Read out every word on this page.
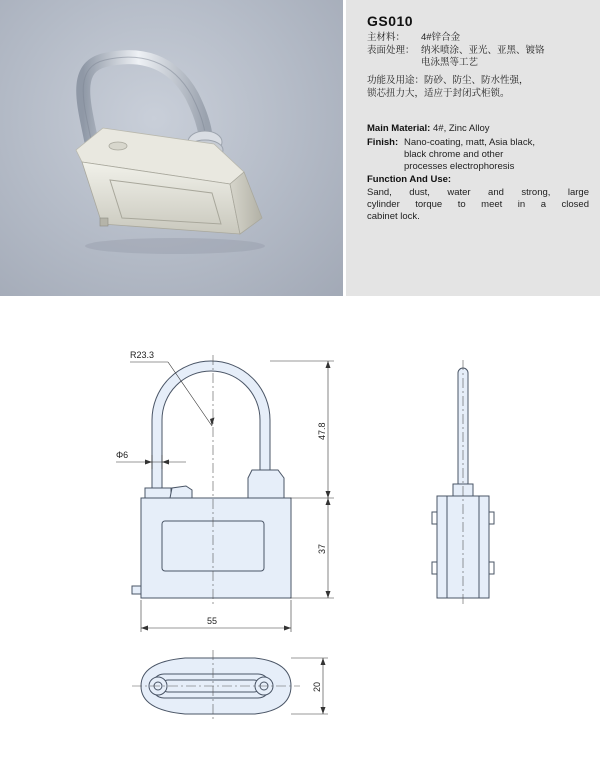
GS010
主材料： 4#锌合金
表面处理： 纳米喷涂、亚光、亚黑、镀铬
电泳黑等工艺
功能及用途：防砂、防尘、防水性强，
锁芯扭力大，适应于封闭式柜锁。
Main Material: 4#, Zinc Alloy
Finish: Nano-coating, matt, Asia black,
black chrome and other
processes electrophoresis
Function And Use:
Sand, dust, water and strong, large
cylinder torque to meet in a closed
cabinet lock.
R23.3
Φ6
47.8
37
55
20
